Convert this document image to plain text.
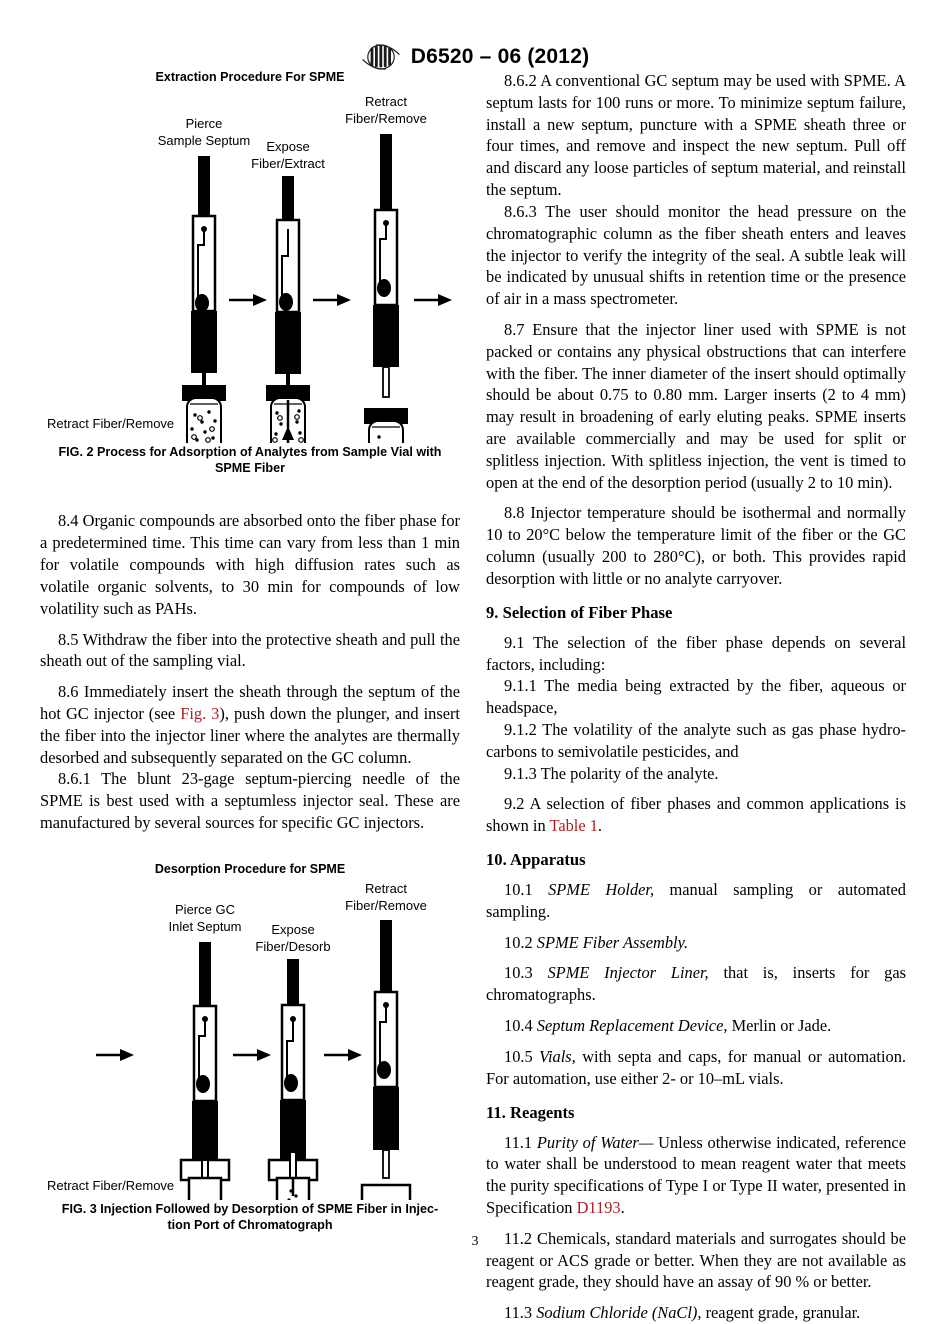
D6520 – 06 (2012)
Extraction Procedure For SPME
Pierce
Sample Septum Expose
Fiber/Extract
Retract
Fiber/Remove
Retract Fiber/Remove
FIG. 2 Process for Adsorption of Analytes from Sample Vial with
SPME Fiber

8.4 Organic compounds are absorbed onto the fiber phase for a predetermined time. This time can vary from less than 1 min for volatile compounds with high diffusion rates such as volatile organic solvents, to 30 min for compounds of low volatility such as PAHs.

8.5 Withdraw the fiber into the protective sheath and pull the sheath out of the sampling vial.

8.6 Immediately insert the sheath through the septum of the hot GC injector (see Fig. 3), push down the plunger, and insert the fiber into the injector liner where the analytes are thermally desorbed and subsequently separated on the GC column.

8.6.1 The blunt 23-gage septum-piercing needle of the SPME is best used with a septumless injector seal. These are manufactured by several sources for specific GC injectors.

Desorption Procedure for SPME
Pierce GC
Inlet Septum Expose
Fiber/Desorb
Retract
Fiber/Remove
Retract Fiber/Remove
FIG. 3 Injection Followed by Desorption of SPME Fiber in Injec-
tion Port of Chromatograph

8.6.2 A conventional GC septum may be used with SPME. A septum lasts for 100 runs or more. To minimize septum failure, install a new septum, puncture with a SPME sheath three or four times, and remove and inspect the new septum. Pull off and discard any loose particles of septum material, and reinstall the septum.

8.6.3 The user should monitor the head pressure on the chromatographic column as the fiber sheath enters and leaves the injector to verify the integrity of the seal. A subtle leak will be indicated by unusual shifts in retention time or the presence of air in a mass spectrometer.

8.7 Ensure that the injector liner used with SPME is not packed or contains any physical obstructions that can interfere with the fiber. The inner diameter of the insert should optimally should be about 0.75 to 0.80 mm. Larger inserts (2 to 4 mm) may result in broadening of early eluting peaks. SPME inserts are available commercially and may be used for split or splitless injection. With splitless injection, the vent is timed to open at the end of the desorption period (usually 2 to 10 min).

8.8 Injector temperature should be isothermal and normally 10 to 20°C below the temperature limit of the fiber or the GC column (usually 200 to 280°C), or both. This provides rapid desorption with little or no analyte carryover.

9. Selection of Fiber Phase

9.1 The selection of the fiber phase depends on several factors, including:

9.1.1 The media being extracted by the fiber, aqueous or headspace,

9.1.2 The volatility of the analyte such as gas phase hydro-carbons to semivolatile pesticides, and

9.1.3 The polarity of the analyte.

9.2 A selection of fiber phases and common applications is shown in Table 1.

10. Apparatus

10.1 SPME Holder, manual sampling or automated sampling.

10.2 SPME Fiber Assembly.

10.3 SPME Injector Liner, that is, inserts for gas chromatographs.

10.4 Septum Replacement Device, Merlin or Jade.

10.5 Vials, with septa and caps, for manual or automation. For automation, use either 2- or 10–mL vials.

11. Reagents

11.1 Purity of Water— Unless otherwise indicated, reference to water shall be understood to mean reagent water that meets the purity specifications of Type I or Type II water, presented in Specification D1193.

11.2 Chemicals, standard materials and surrogates should be reagent or ACS grade or better. When they are not available as reagent grade, they should have an assay of 90 % or better.

11.3 Sodium Chloride (NaCl), reagent grade, granular.

3
